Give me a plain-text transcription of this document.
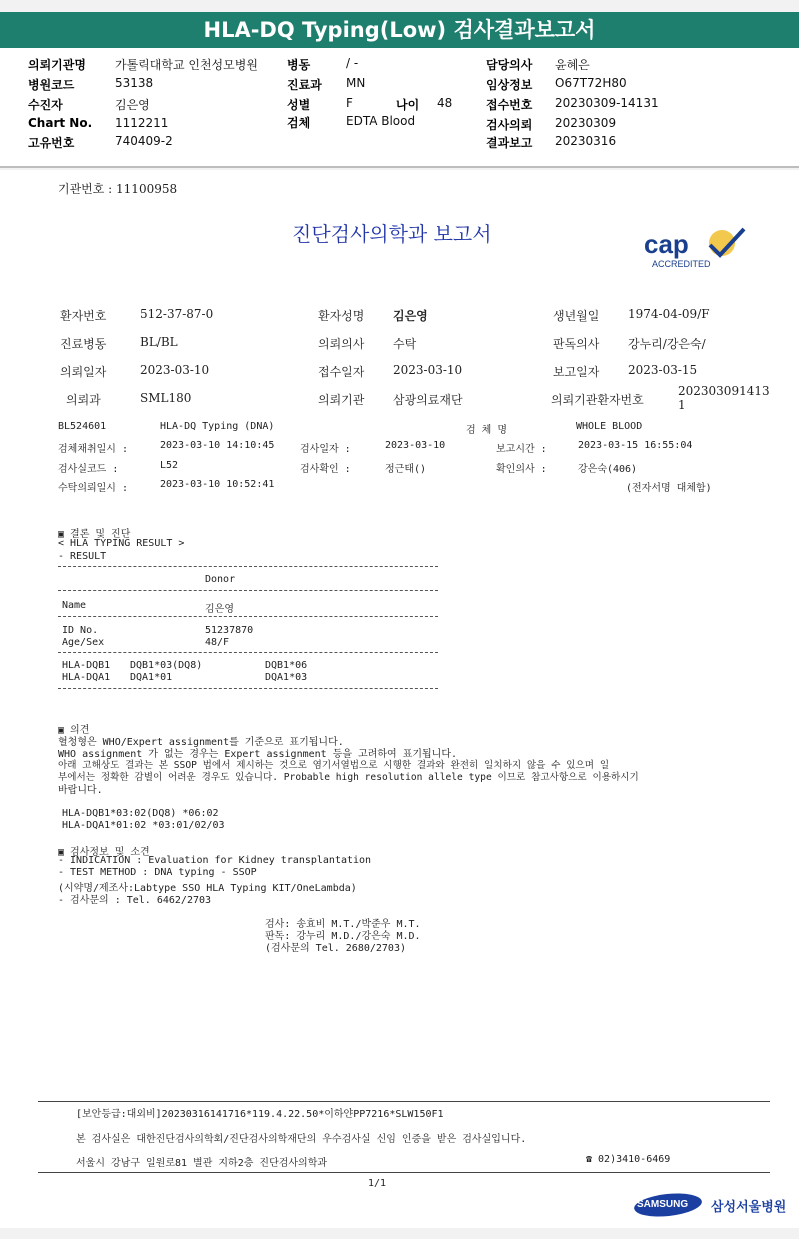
HLA-DQ Typing(Low) 검사결과보고서
의뢰기관명 가톨릭대학교 인천성모병원
병원코드	53138
수진자	김은영
Chart No. 1112211
고유번호	740409-2
병동	/ -
진료과 MN
성별	F	나이 48
검체	EDTA Blood
담당의사 윤혜은
임상정보 O67T72H80
접수번호 20230309-14131
검사의뢰 20230309
결과보고 20230316
기관번호 : 11100958
진단검사의학과 보고서	cap
ACCREDITED
환자번호	512-37-87-0	환자성명 김은영	생년월일 1974-04-09/F
진료병동	BL/BL	의뢰의사 수탁	판독의사 강누리/강은숙/
의뢰일자	2023-03-10	접수일자 2023-03-10	보고일자 2023-03-15
의뢰과	SML180	의뢰기관 삼광의료재단	의뢰기관환자번호
202303091413 1
BL524601	HLA-DQ Typing (DNA)	검 체 명	WHOLE BLOOD
검체채취일시 :	2023-03-10 14:10:45	검사일자 :	2023-03-10	보고시간 :	2023-03-15 16:55:04
검사실코드 :	L52	검사확인 :	정근태()	확인의사 :	강은숙(406)
수탁의뢰일시 :	2023-03-10 10:52:41	(전자서명 대체함)
▣ 결론 및 진단
< HLA TYPING RESULT >
- RESULT
Donor
Name	김은영
ID No.	51237870
Age/Sex	48/F
HLA-DQB1 DQB1*03(DQ8)	DQB1*06
HLA-DQA1 DQA1*01	DQA1*03
▣ 의견
혈청형은 WHO/Expert assignment를 기준으로 표기됩니다.
WHO assignment 가 없는 경우는 Expert assignment 등을 고려하여 표기됩니다.
아래 고해상도 결과는 본 SSOP 법에서 제시하는 것으로 염기서열법으로 시행한 결과와 완전히 일치하지 않을 수 있으며 일
부에서는 정확한 감별이 어려운 경우도 있습니다. Probable high resolution allele type 이므로 참고사항으로 이용하시기
바랍니다.
HLA-DQB1*03:02(DQ8) *06:02
HLA-DQA1*01:02 *03:01/02/03
▣ 검사정보 및 소견
- INDICATION : Evaluation for Kidney transplantation
- TEST METHOD : DNA typing - SSOP
(시약명/제조사:Labtype SSO HLA Typing KIT/OneLambda)
- 검사문의 : Tel. 6462/2703
검사: 송효비 M.T./박준우 M.T.
판독: 강누리 M.D./강은숙 M.D.
(검사문의 Tel. 2680/2703)
[보안등급:대외비]20230316141716*119.4.22.50*이하얀PP7216*SLW150F1
본 검사실은 대한진단검사의학회/진단검사의학재단의 우수검사실 신임 인증을 받은 검사실입니다.
서울시 강남구 일원로81 별관 지하2층 진단검사의학과	☎ 02)3410-6469
1/1
SAMSUNG 삼성서울병원
